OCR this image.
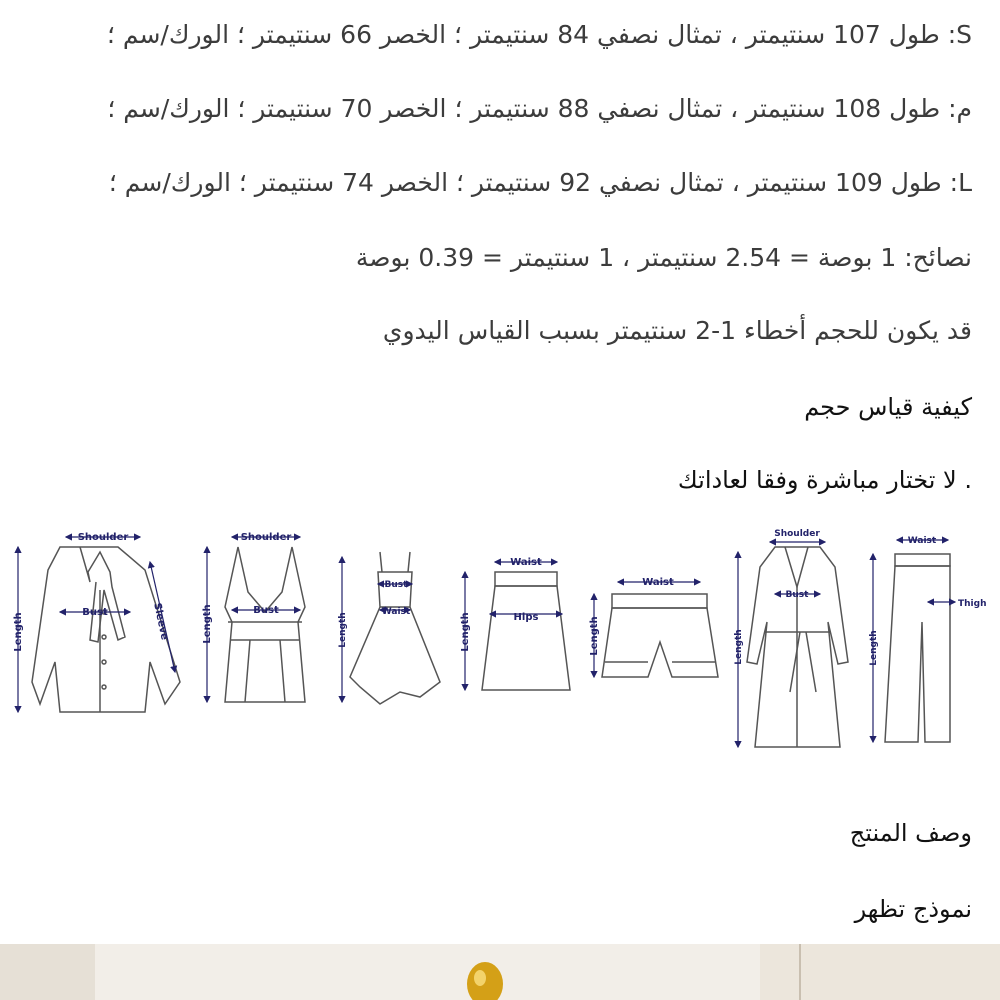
S: طول 107 سنتيمتر ، تمثال نصفي 84 سنتيمتر ؛ الخصر 66 سنتيمتر ؛ الورك/سم ؛
م: طول 108 سنتيمتر ، تمثال نصفي 88 سنتيمتر ؛ الخصر 70 سنتيمتر ؛ الورك/سم ؛
L: طول 109 سنتيمتر ، تمثال نصفي 92 سنتيمتر ؛ الخصر 74 سنتيمتر ؛ الورك/سم ؛
نصائح: 1 بوصة = 2.54 سنتيمتر ، 1 سنتيمتر = 0.39 بوصة
قد يكون للحجم أخطاء 1-2 سنتيمتر بسبب القياس اليدوي
كيفية قياس حجم
. لا تختار مباشرة وفقا لعاداتك
Shoulder
Bust
Length	Sleeve
Shoulder
Bust
Length
Bust
Waist
Length
Waist
Hips
Length
Waist
Length
Shoulder
Bust
Length
Waist
Thigh
Length
وصف المنتج
نموذج تظهر
